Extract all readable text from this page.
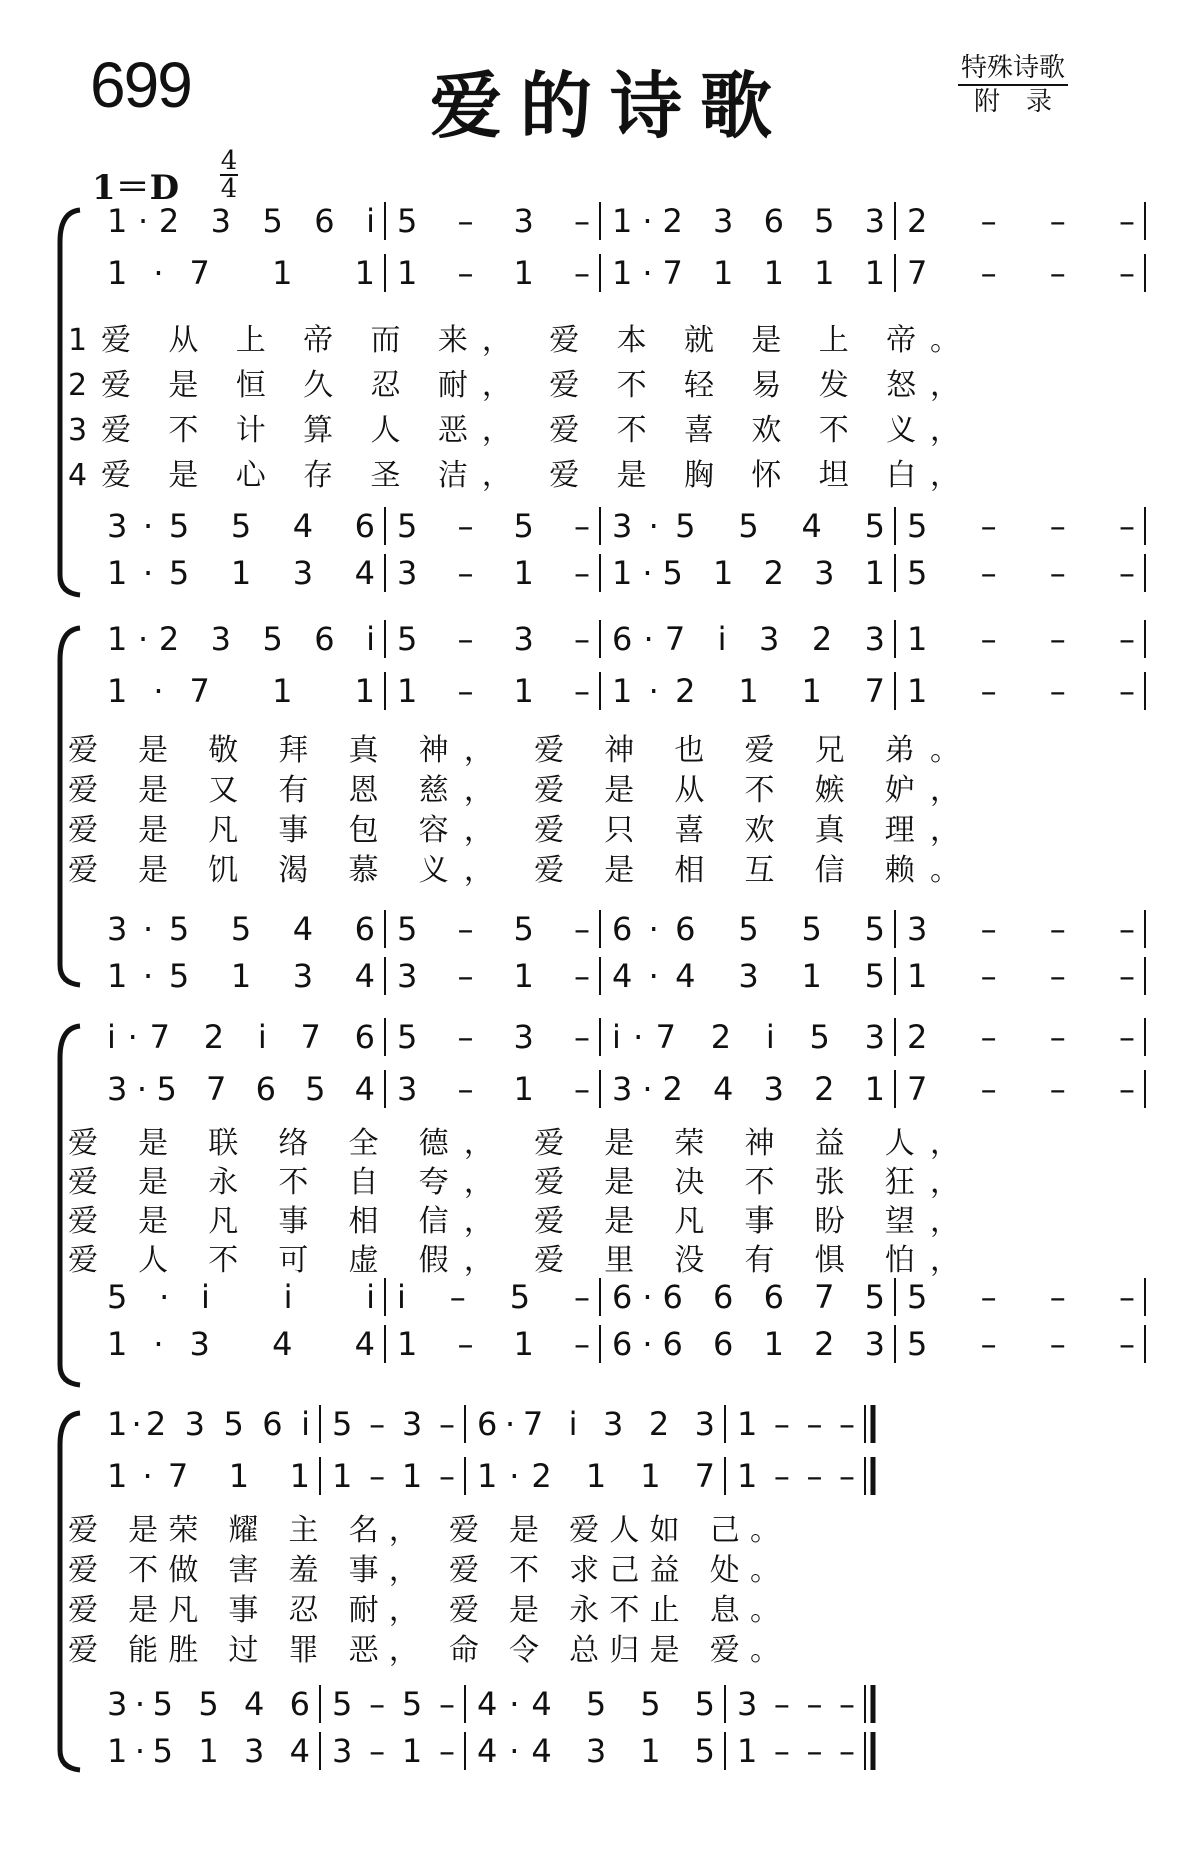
699	爱的诗歌	特殊诗歌
附　录
1＝D
4
4
1·2 3 5 6 i 5 – 3 – 1·2 3 6 5 3 2 – – –
1·7 1 1 1 – 1 – 1·7 1 1 1 1 7 – – –
3·5 5 4 6 5 – 5 – 3·5 5 4 5 5 – – –
1·5 1 3 4 3 – 1 – 1·5 1 2 3 1 5 – – –
1爱 从 上 帝 而 来， 爱 本 就 是 上 帝。
2爱 是 恒 久 忍 耐， 爱 不 轻 易 发 怒，
3爱 不 计 算 人 恶， 爱 不 喜 欢 不 义，
4爱 是 心 存 圣 洁， 爱 是 胸 怀 坦 白，
1·2 3 5 6 i 5 – 3 – 6·7 i 3 2 3 1 – – –
1·7 1 1 1 – 1 – 1·2 1 1 7 1 – – –
3·5 5 4 6 5 – 5 – 6·6 5 5 5 3 – – –
1·5 1 3 4 3 – 1 – 4·4 3 1 5 1 – – –
爱 是 敬 拜 真 神， 爱 神 也 爱 兄 弟。
爱 是 又 有 恩 慈， 爱 是 从 不 嫉 妒，
爱 是 凡 事 包 容， 爱 只 喜 欢 真 理，
爱 是 饥 渴 慕 义， 爱 是 相 互 信 赖。
i·7 2 i 7 6 5 – 3 – i·7 2 i 5 3 2 – – –
3·5 7 6 5 4 3 – 1 – 3·2 4 3 2 1 7 – – –
5·i i i i – 5 – 6·6 6 6 7 5 5 – – –
1·3 4 4 1 – 1 – 6·6 6 1 2 3 5 – – –
爱 是 联 络 全 德， 爱 是 荣 神 益 人，
爱 是 永 不 自 夸， 爱 是 决 不 张 狂，
爱 是 凡 事 相 信， 爱 是 凡 事 盼 望，
爱 人 不 可 虚 假， 爱 里 没 有 惧 怕，
1·2 3 5 6 i 5 – 3 – 6·7 i 3 2 3 1 – – –
1·7 1 1 1 – 1 – 1·2 1 1 7 1 – – –
3·5 5 4 6 5 – 5 – 4·4 5 5 5 3 – – –
1·5 1 3 4 3 – 1 – 4·4 3 1 5 1 – – –
爱 是荣 耀 主 名， 爱 是 爱人如 己。
爱 不做 害 羞 事， 爱 不 求己益 处。
爱 是凡 事 忍 耐， 爱 是 永不止 息。
爱 能胜 过 罪 恶， 命 令 总归是 爱。
